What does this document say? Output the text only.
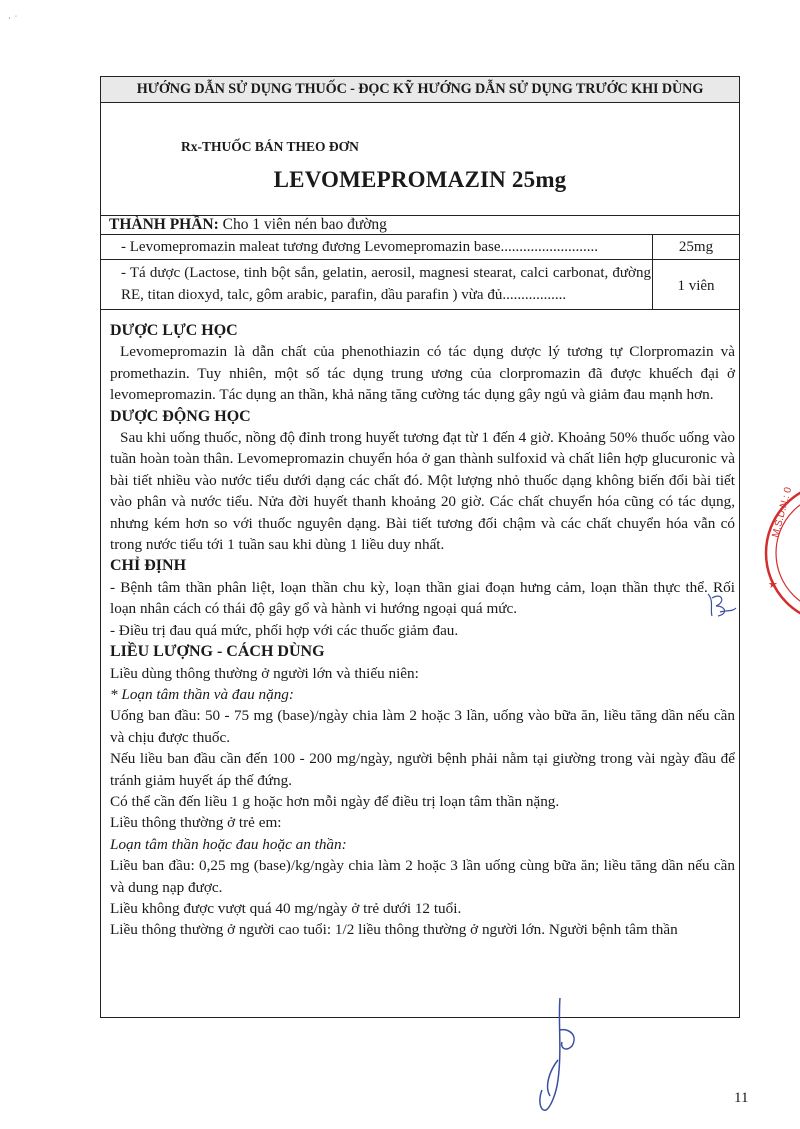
·  ˙
HƯỚNG DẪN SỬ DỤNG THUỐC - ĐỌC KỸ HƯỚNG DẪN SỬ DỤNG TRƯỚC KHI DÙNG
Rx-THUỐC BÁN THEO ĐƠN
LEVOMEPROMAZIN 25mg
THÀNH PHẦN: Cho 1 viên nén bao đường
- Levomepromazin maleat tương đương Levomepromazin base..........................	25mg
- Tá dược (Lactose, tinh bột sắn, gelatin, aerosil, magnesi stearat, calci carbonat, đường RE, titan dioxyd, talc, gôm arabic, parafin, dầu parafin ) vừa đủ.................
1 viên

DƯỢC LỰC HỌC

Levomepromazin là dẫn chất của phenothiazin có tác dụng dược lý tương tự Clorpromazin và promethazin. Tuy nhiên, một số tác dụng trung ương của clorpromazin đã được khuếch đại ở levomepromazin. Tác dụng an thần, khả năng tăng cường tác dụng gây ngủ và giảm đau mạnh hơn.

DƯỢC ĐỘNG HỌC

Sau khi uống thuốc, nồng độ đỉnh trong huyết tương đạt từ 1 đến 4 giờ. Khoảng 50% thuốc uống vào tuần hoàn toàn thân. Levomepromazin chuyển hóa ở gan thành sulfoxid và chất liên hợp glucuronic và bài tiết nhiều vào nước tiểu dưới dạng các chất đó. Một lượng nhỏ thuốc dạng không biến đổi bài tiết vào phân và nước tiểu. Nửa đời huyết thanh khoảng 20 giờ. Các chất chuyển hóa cũng có tác dụng, nhưng kém hơn so với thuốc nguyên dạng. Bài tiết tương đối chậm và các chất chuyển hóa vẫn có trong nước tiểu tới 1 tuần sau khi dùng 1 liều duy nhất.

CHỈ ĐỊNH

- Bệnh tâm thần phân liệt, loạn thần chu kỳ, loạn thần giai đoạn hưng cảm, loạn thần thực thể. Rối loạn nhân cách có thái độ gây gổ và hành vi hướng ngoại quá mức.

- Điều trị đau quá mức, phối hợp với các thuốc giảm đau.

LIỀU LƯỢNG - CÁCH DÙNG

Liều dùng thông thường ở người lớn và thiếu niên:

* Loạn tâm thần và đau nặng:

Uống ban đầu: 50 - 75 mg (base)/ngày chia làm 2 hoặc 3 lần, uống vào bữa ăn, liều tăng dần nếu cần và chịu được thuốc.

Nếu liều ban đầu cần đến 100 - 200 mg/ngày, người bệnh phải nằm tại giường trong vài ngày đầu để tránh giảm huyết áp thế đứng.

Có thể cần đến liều 1 g hoặc hơn mỗi ngày để điều trị loạn tâm thần nặng.

Liều thông thường ở trẻ em:

Loạn tâm thần hoặc đau hoặc an thần:

Liều ban đầu: 0,25 mg (base)/kg/ngày chia làm 2 hoặc 3 lần uống cùng bữa ăn; liều tăng dần nếu cần và dung nạp được.

Liều không được vượt quá 40 mg/ngày ở trẻ dưới 12 tuổi.

Liều thông thường ở người cao tuổi: 1/2 liều thông thường ở người lớn. Người bệnh tâm thần

M.S.D.N.: 0
★
11
